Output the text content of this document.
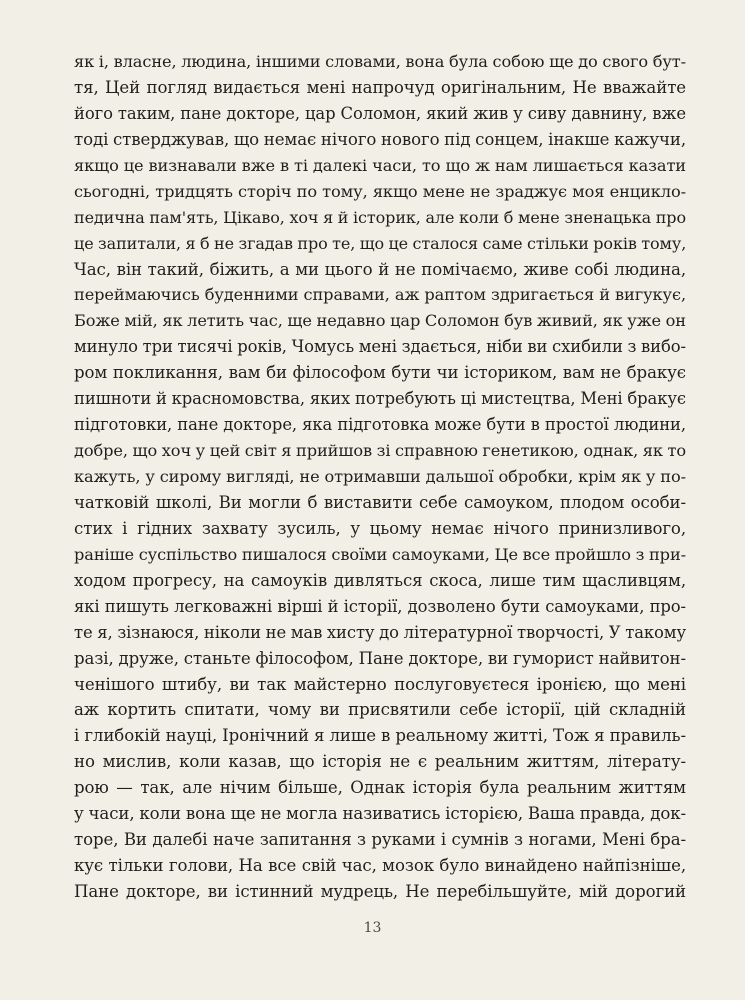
як і, власне, людина, іншими словами, вона була собою ще до свого бут-
тя, Цей погляд видається мені напрочуд оригінальним, Не вважайте
його таким, пане докторе, цар Соломон, який жив у сиву давнину, вже
тоді стверджував, що немає нічого нового під сонцем, інакше кажучи,
якщо це визнавали вже в ті далекі часи, то що ж нам лишається казати
сьогодні, тридцять сторіч по тому, якщо мене не зраджує моя енцикло-
педична пам'ять, Цікаво, хоч я й історик, але коли б мене зненацька про
це запитали, я б не згадав про те, що це сталося саме стільки років тому,
Час, він такий, біжить, а ми цього й не помічаємо, живе собі людина,
переймаючись буденними справами, аж раптом здригається й вигукує,
Боже мій, як летить час, ще недавно цар Соломон був живий, як уже он
минуло три тисячі років, Чомусь мені здається, ніби ви схибили з вибо-
ром покликання, вам би філософом бути чи істориком, вам не бракує
пишноти й красномовства, яких потребують ці мистецтва, Мені бракує
підготовки, пане докторе, яка підготовка може бути в простої людини,
добре, що хоч у цей світ я прийшов зі справною генетикою, однак, як то
кажуть, у сирому вигляді, не отримавши дальшої обробки, крім як у по-
чатковій школі, Ви могли б виставити себе самоуком, плодом особи-
стих і гідних захвату зусиль, у цьому немає нічого принизливого,
раніше суспільство пишалося своїми самоуками, Це все пройшло з при-
ходом прогресу, на самоуків дивляться скоса, лише тим щасливцям,
які пишуть легковажні вірші й історії, дозволено бути самоуками, про-
те я, зізнаюся, ніколи не мав хисту до літературної творчості, У такому
разі, друже, станьте філософом, Пане докторе, ви гуморист найвитон-
ченішого штибу, ви так майстерно послуговуєтеся іронією, що мені
аж кортить спитати, чому ви присвятили себе історії, цій складній
і глибокій науці, Іронічний я лише в реальному житті, Тож я правиль-
но мислив, коли казав, що історія не є реальним життям, літерату-
рою — так, але нічим більше, Однак історія була реальним життям
у часи, коли вона ще не могла називатись історією, Ваша правда, док-
торе, Ви далебі наче запитання з руками і сумнів з ногами, Мені бра-
кує тільки голови, На все свій час, мозок було винайдено найпізніше,
Пане докторе, ви істинний мудрець, Не перебільшуйте, мій дорогий
13
